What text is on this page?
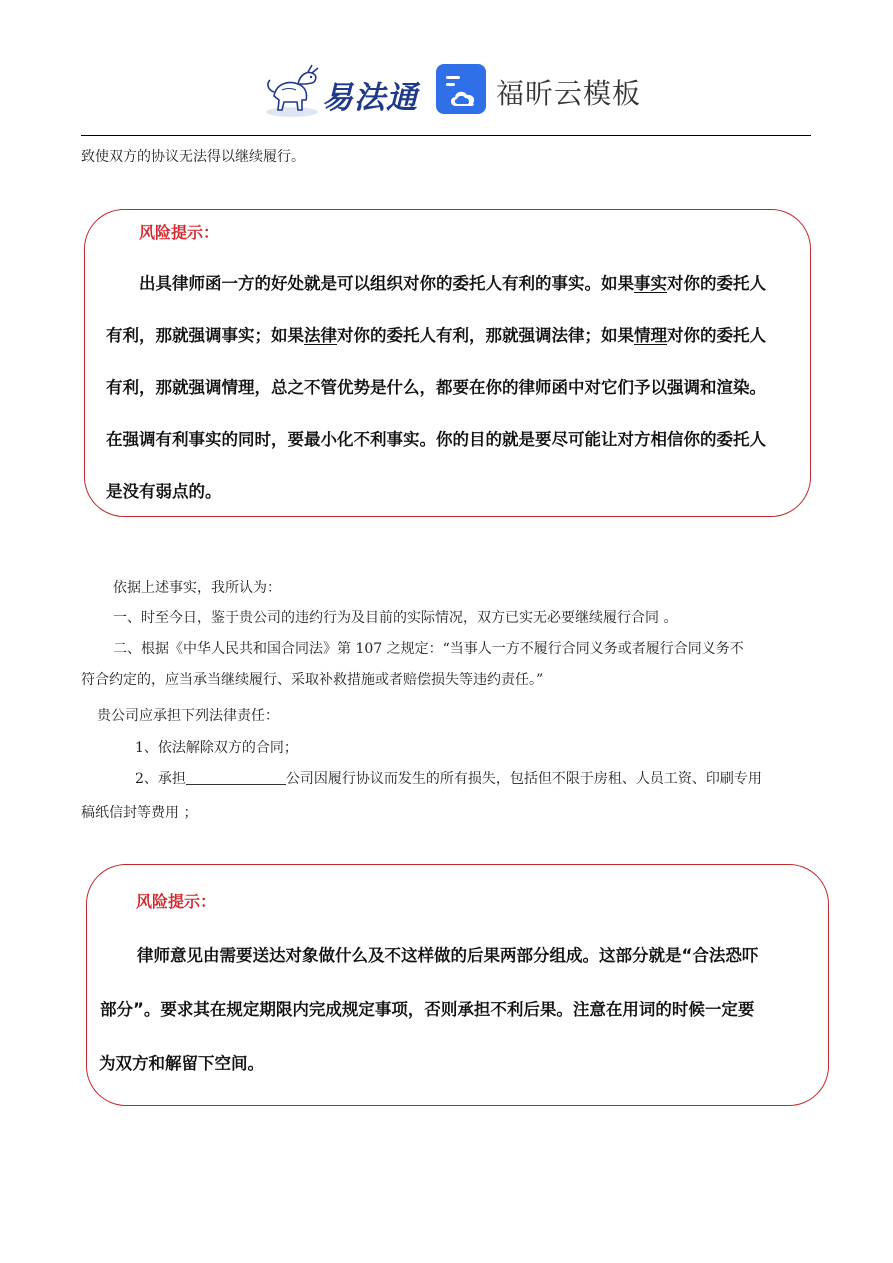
易法通	福昕云模板
致使双方的协议无法得以继续履行。
风险提示：
出具律师函一方的好处就是可以组织对你的委托人有利的事实。如果事实对你的委托人
有利，那就强调事实；如果法律对你的委托人有利，那就强调法律；如果情理对你的委托人
有利，那就强调情理，总之不管优势是什么，都要在你的律师函中对它们予以强调和渲染。
在强调有利事实的同时，要最小化不利事实。你的目的就是要尽可能让对方相信你的委托人
是没有弱点的。
依据上述事实，我所认为：
一、时至今日，鉴于贵公司的违约行为及目前的实际情况，双方已实无必要继续履行合同 。
二、根据《中华人民共和国合同法》第 107 之规定：“当事人一方不履行合同义务或者履行合同义务不
符合约定的，应当承当继续履行、采取补救措施或者赔偿损失等违约责任。”
贵公司应承担下列法律责任：
1、依法解除双方的合同；
2、承担	公司因履行协议而发生的所有损失，包括但不限于房租、人员工资、印刷专用
稿纸信封等费用 ；
风险提示：
律师意见由需要送达对象做什么及不这样做的后果两部分组成。这部分就是“合法恐吓
部分”。要求其在规定期限内完成规定事项，否则承担不利后果。注意在用词的时候一定要
为双方和解留下空间。
